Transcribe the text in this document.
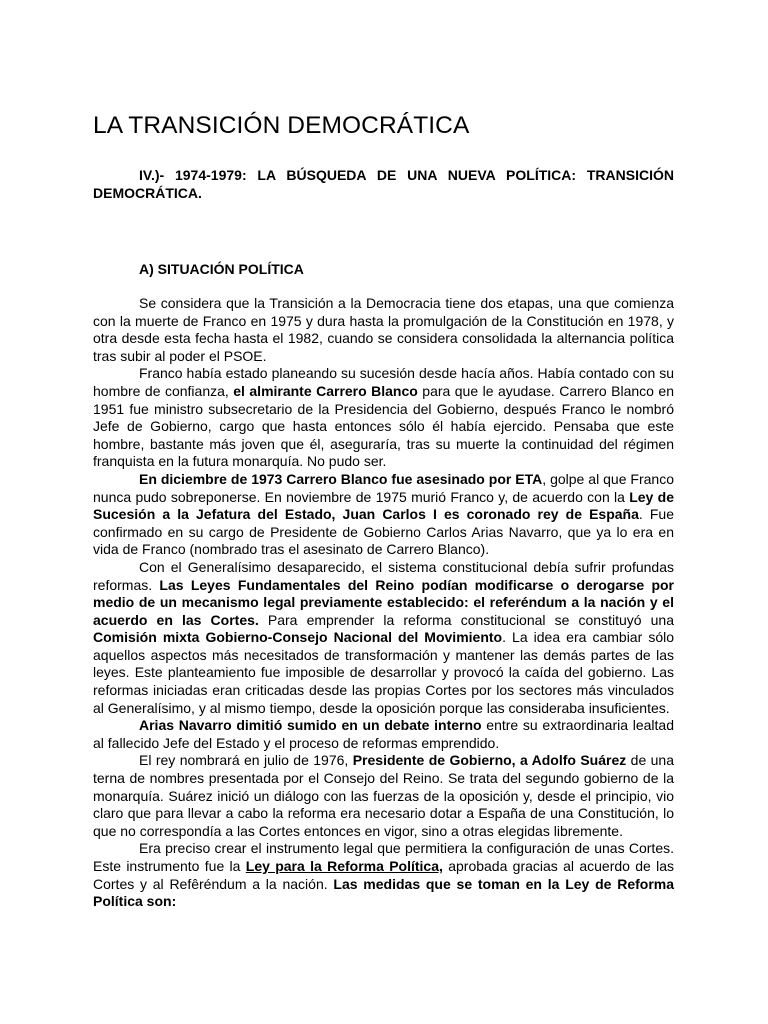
LA TRANSICIÓN DEMOCRÁTICA
IV.)- 1974-1979: LA BÚSQUEDA DE UNA NUEVA POLÍTICA: TRANSICIÓN DEMOCRÁTICA.
A) SITUACIÓN POLÍTICA

Se considera que la Transición a la Democracia tiene dos etapas, una que comienza con la muerte de Franco en 1975 y dura hasta la promulgación de la Constitución en 1978, y otra desde esta fecha hasta el 1982, cuando se considera consolidada la alternancia política tras subir al poder el PSOE.

Franco había estado planeando su sucesión desde hacía años. Había contado con su hombre de confianza, el almirante Carrero Blanco para que le ayudase. Carrero Blanco en 1951 fue ministro subsecretario de la Presidencia del Gobierno, después Franco le nombró Jefe de Gobierno, cargo que hasta entonces sólo él había ejercido. Pensaba que este hombre, bastante más joven que él, aseguraría, tras su muerte la continuidad del régimen franquista en la futura monarquía. No pudo ser.

En diciembre de 1973 Carrero Blanco fue asesinado por ETA, golpe al que Franco nunca pudo sobreponerse. En noviembre de 1975 murió Franco y, de acuerdo con la Ley de Sucesión a la Jefatura del Estado, Juan Carlos I es coronado rey de España. Fue confirmado en su cargo de Presidente de Gobierno Carlos Arias Navarro, que ya lo era en vida de Franco (nombrado tras el asesinato de Carrero Blanco).

Con el Generalísimo desaparecido, el sistema constitucional debía sufrir profundas reformas. Las Leyes Fundamentales del Reino podían modificarse o derogarse por medio de un mecanismo legal previamente establecido: el referéndum a la nación y el acuerdo en las Cortes. Para emprender la reforma constitucional se constituyó una Comisión mixta Gobierno-Consejo Nacional del Movimiento. La idea era cambiar sólo aquellos aspectos más necesitados de transformación y mantener las demás partes de las leyes. Este planteamiento fue imposible de desarrollar y provocó la caída del gobierno. Las reformas iniciadas eran criticadas desde las propias Cortes por los sectores más vinculados al Generalísimo, y al mismo tiempo, desde la oposición porque las consideraba insuficientes.

Arias Navarro dimitió sumido en un debate interno entre su extraordinaria lealtad al fallecido Jefe del Estado y el proceso de reformas emprendido.

El rey nombrará en julio de 1976, Presidente de Gobierno, a Adolfo Suárez de una terna de nombres presentada por el Consejo del Reino. Se trata del segundo gobierno de la monarquía. Suárez inició un diálogo con las fuerzas de la oposición y, desde el principio, vio claro que para llevar a cabo la reforma era necesario dotar a España de una Constitución, lo que no correspondía a las Cortes entonces en vigor, sino a otras elegidas libremente.

Era preciso crear el instrumento legal que permitiera la configuración de unas Cortes. Este instrumento fue la Ley para la Reforma Política, aprobada gracias al acuerdo de las Cortes y al Refêréndum a la nación. Las medidas que se toman en la Ley de Reforma Política son:
